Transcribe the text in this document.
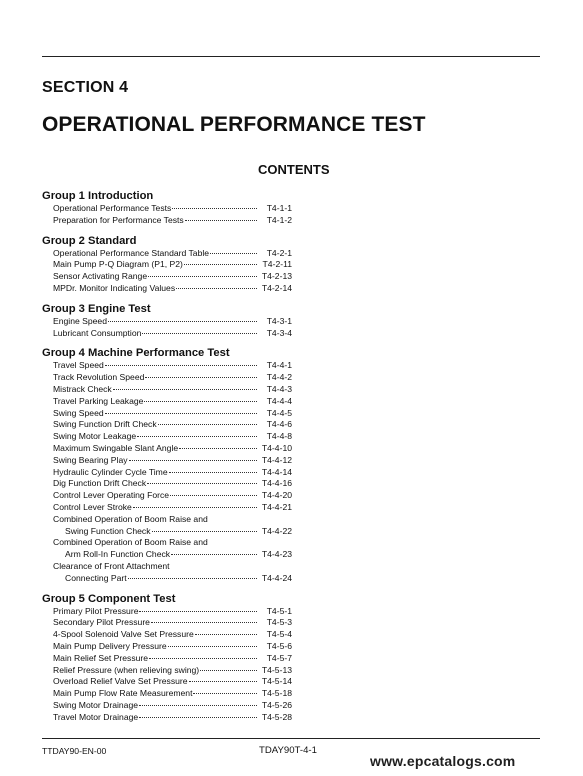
SECTION 4
OPERATIONAL PERFORMANCE TEST
CONTENTS
Group 1 Introduction
Operational Performance Tests	T4-1-1
Preparation for Performance Tests	T4-1-2
Group 2 Standard
Operational Performance Standard Table	T4-2-1
Main Pump P-Q Diagram (P1, P2)	T4-2-11
Sensor Activating Range	T4-2-13
MPDr. Monitor Indicating Values	T4-2-14
Group 3 Engine Test
Engine Speed	T4-3-1
Lubricant Consumption	T4-3-4
Group 4 Machine Performance Test
Travel Speed	T4-4-1
Track Revolution Speed	T4-4-2
Mistrack Check	T4-4-3
Travel Parking Leakage	T4-4-4
Swing Speed	T4-4-5
Swing Function Drift Check	T4-4-6
Swing Motor Leakage	T4-4-8
Maximum Swingable Slant Angle	T4-4-10
Swing Bearing Play	T4-4-12
Hydraulic Cylinder Cycle Time	T4-4-14
Dig Function Drift Check	T4-4-16
Control Lever Operating Force	T4-4-20
Control Lever Stroke	T4-4-21
Combined Operation of Boom Raise and
Swing Function Check	T4-4-22
Combined Operation of Boom Raise and
Arm Roll-In Function Check	T4-4-23
Clearance of Front Attachment
Connecting Part	T4-4-24
Group 5 Component Test
Primary Pilot Pressure	T4-5-1
Secondary Pilot Pressure	T4-5-3
4-Spool Solenoid Valve Set Pressure	T4-5-4
Main Pump Delivery Pressure	T4-5-6
Main Relief Set Pressure	T4-5-7
Relief Pressure (when relieving swing)	T4-5-13
Overload Relief Valve Set Pressure	T4-5-14
Main Pump Flow Rate Measurement	T4-5-18
Swing Motor Drainage	T4-5-26
Travel Motor Drainage	T4-5-28
TTDAY90-EN-00	TDAY90T-4-1
www.epcatalogs.com
